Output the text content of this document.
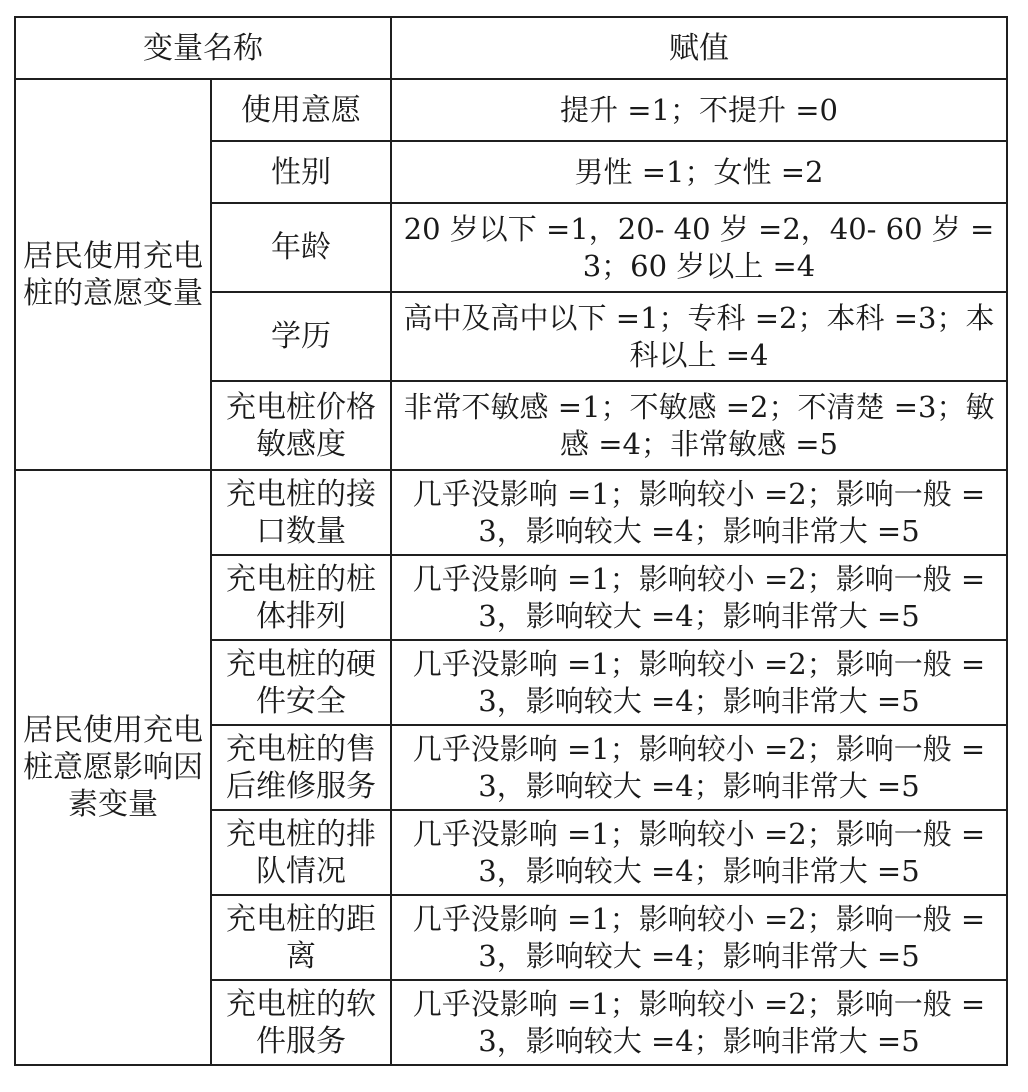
变量名称		赋值
居民使用充电桩的意愿变量	使用意愿	提升 =1；不提升 =0
	性别	男性 =1；女性 =2
	年龄	20 岁以下 =1，20- 40 岁 =2，40- 60 岁 =3；60 岁以上 =4
	学历	高中及高中以下 =1；专科 =2；本科 =3；本科以上 =4
	充电桩价格敏感度	非常不敏感 =1；不敏感 =2；不清楚 =3；敏感 =4；非常敏感 =5
居民使用充电桩意愿影响因素变量	充电桩的接口数量	几乎没影响 =1；影响较小 =2；影响一般 =3，影响较大 =4；影响非常大 =5
	充电桩的桩体排列	几乎没影响 =1；影响较小 =2；影响一般 =3，影响较大 =4；影响非常大 =5
	充电桩的硬件安全	几乎没影响 =1；影响较小 =2；影响一般 =3，影响较大 =4；影响非常大 =5
	充电桩的售后维修服务	几乎没影响 =1；影响较小 =2；影响一般 =3，影响较大 =4；影响非常大 =5
	充电桩的排队情况	几乎没影响 =1；影响较小 =2；影响一般 =3，影响较大 =4；影响非常大 =5
	充电桩的距离	几乎没影响 =1；影响较小 =2；影响一般 =3，影响较大 =4；影响非常大 =5
	充电桩的软件服务	几乎没影响 =1；影响较小 =2；影响一般 =3，影响较大 =4；影响非常大 =5
